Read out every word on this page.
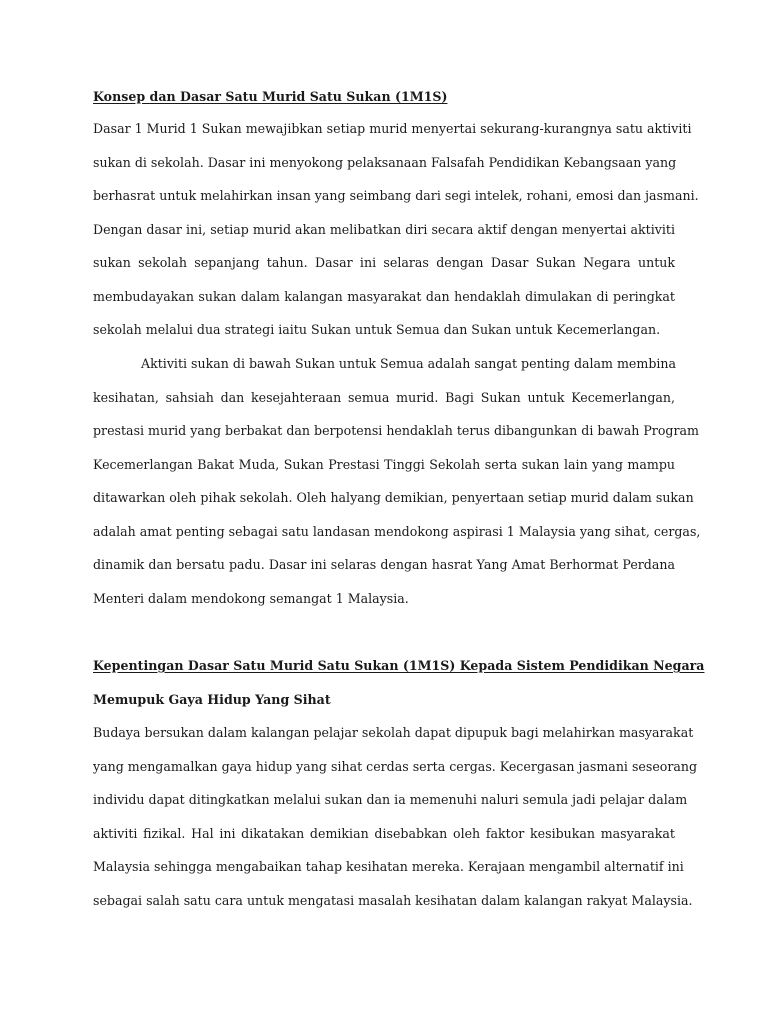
Konsep dan Dasar Satu Murid Satu Sukan (1M1S)
Dasar 1 Murid 1 Sukan mewajibkan setiap murid menyertai sekurang-kurangnya satu aktiviti
sukan di sekolah. Dasar ini menyokong pelaksanaan Falsafah Pendidikan Kebangsaan yang
berhasrat untuk melahirkan insan yang seimbang dari segi intelek, rohani, emosi dan jasmani.
Dengan dasar ini, setiap murid akan melibatkan diri secara aktif dengan menyertai aktiviti
sukan sekolah sepanjang tahun. Dasar ini selaras dengan Dasar Sukan Negara untuk
membudayakan sukan dalam kalangan masyarakat dan hendaklah dimulakan di peringkat
sekolah melalui dua strategi iaitu Sukan untuk Semua dan Sukan untuk Kecemerlangan.
Aktiviti sukan di bawah Sukan untuk Semua adalah sangat penting dalam membina
kesihatan, sahsiah dan kesejahteraan semua murid. Bagi Sukan untuk Kecemerlangan,
prestasi murid yang berbakat dan berpotensi hendaklah terus dibangunkan di bawah Program
Kecemerlangan Bakat Muda, Sukan Prestasi Tinggi Sekolah serta sukan lain yang mampu
ditawarkan oleh pihak sekolah. Oleh halyang demikian, penyertaan setiap murid dalam sukan
adalah amat penting sebagai satu landasan mendokong aspirasi 1 Malaysia yang sihat, cergas,
dinamik dan bersatu padu. Dasar ini selaras dengan hasrat Yang Amat Berhormat Perdana
Menteri dalam mendokong semangat 1 Malaysia.
Kepentingan Dasar Satu Murid Satu Sukan (1M1S) Kepada Sistem Pendidikan Negara
Memupuk Gaya Hidup Yang Sihat
Budaya bersukan dalam kalangan pelajar sekolah dapat dipupuk bagi melahirkan masyarakat
yang mengamalkan gaya hidup yang sihat cerdas serta cergas. Kecergasan jasmani seseorang
individu dapat ditingkatkan melalui sukan dan ia memenuhi naluri semula jadi pelajar dalam
aktiviti fizikal. Hal ini dikatakan demikian disebabkan oleh faktor kesibukan masyarakat
Malaysia sehingga mengabaikan tahap kesihatan mereka. Kerajaan mengambil alternatif ini
sebagai salah satu cara untuk mengatasi masalah kesihatan dalam kalangan rakyat Malaysia.
